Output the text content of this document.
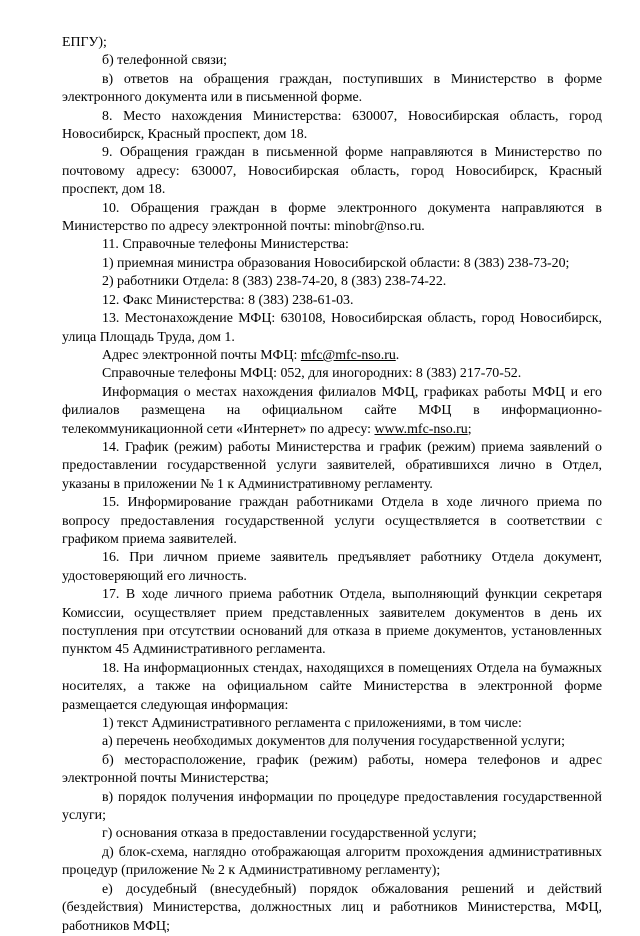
ЕПГУ);

б) телефонной связи;

в) ответов на обращения граждан, поступивших в Министерство в форме электронного документа или в письменной форме.

8. Место нахождения Министерства: 630007, Новосибирская область, город Новосибирск, Красный проспект, дом 18.

9. Обращения граждан в письменной форме направляются в Министерство по почтовому адресу: 630007, Новосибирская область, город Новосибирск, Красный проспект, дом 18.

10. Обращения граждан в форме электронного документа направляются в Министерство по адресу электронной почты: minobr@nso.ru.

11. Справочные телефоны Министерства:

1) приемная министра образования Новосибирской области: 8 (383) 238-73-20;

2) работники Отдела: 8 (383) 238-74-20, 8 (383) 238-74-22.

12. Факс Министерства: 8 (383) 238-61-03.

13. Местонахождение МФЦ: 630108, Новосибирская область, город Новосибирск, улица Площадь Труда, дом 1.

Адрес электронной почты МФЦ: mfc@mfc-nso.ru.

Справочные телефоны МФЦ: 052, для иногородних: 8 (383) 217-70-52.

Информация о местах нахождения филиалов МФЦ, графиках работы МФЦ и его филиалов размещена на официальном сайте МФЦ в информационно-телекоммуникационной сети «Интернет» по адресу: www.mfc-nso.ru;

14. График (режим) работы Министерства и график (режим) приема заявлений о предоставлении государственной услуги заявителей, обратившихся лично в Отдел, указаны в приложении № 1 к Административному регламенту.

15. Информирование граждан работниками Отдела в ходе личного приема по вопросу предоставления государственной услуги осуществляется в соответствии с графиком приема заявителей.

16. При личном приеме заявитель предъявляет работнику Отдела документ, удостоверяющий его личность.

17. В ходе личного приема работник Отдела, выполняющий функции секретаря Комиссии, осуществляет прием представленных заявителем документов в день их поступления при отсутствии оснований для отказа в приеме документов, установленных пунктом 45 Административного регламента.

18. На информационных стендах, находящихся в помещениях Отдела на бумажных носителях, а также на официальном сайте Министерства в электронной форме размещается следующая информация:

1) текст Административного регламента с приложениями, в том числе:

а) перечень необходимых документов для получения государственной услуги;

б) месторасположение, график (режим) работы, номера телефонов и адрес электронной почты Министерства;

в) порядок получения информации по процедуре предоставления государственной услуги;

г) основания отказа в предоставлении государственной услуги;

д) блок-схема, наглядно отображающая алгоритм прохождения административных процедур (приложение № 2 к Административному регламенту);

е) досудебный (внесудебный) порядок обжалования решений и действий (бездействия) Министерства, должностных лиц и работников Министерства, МФЦ, работников МФЦ;
